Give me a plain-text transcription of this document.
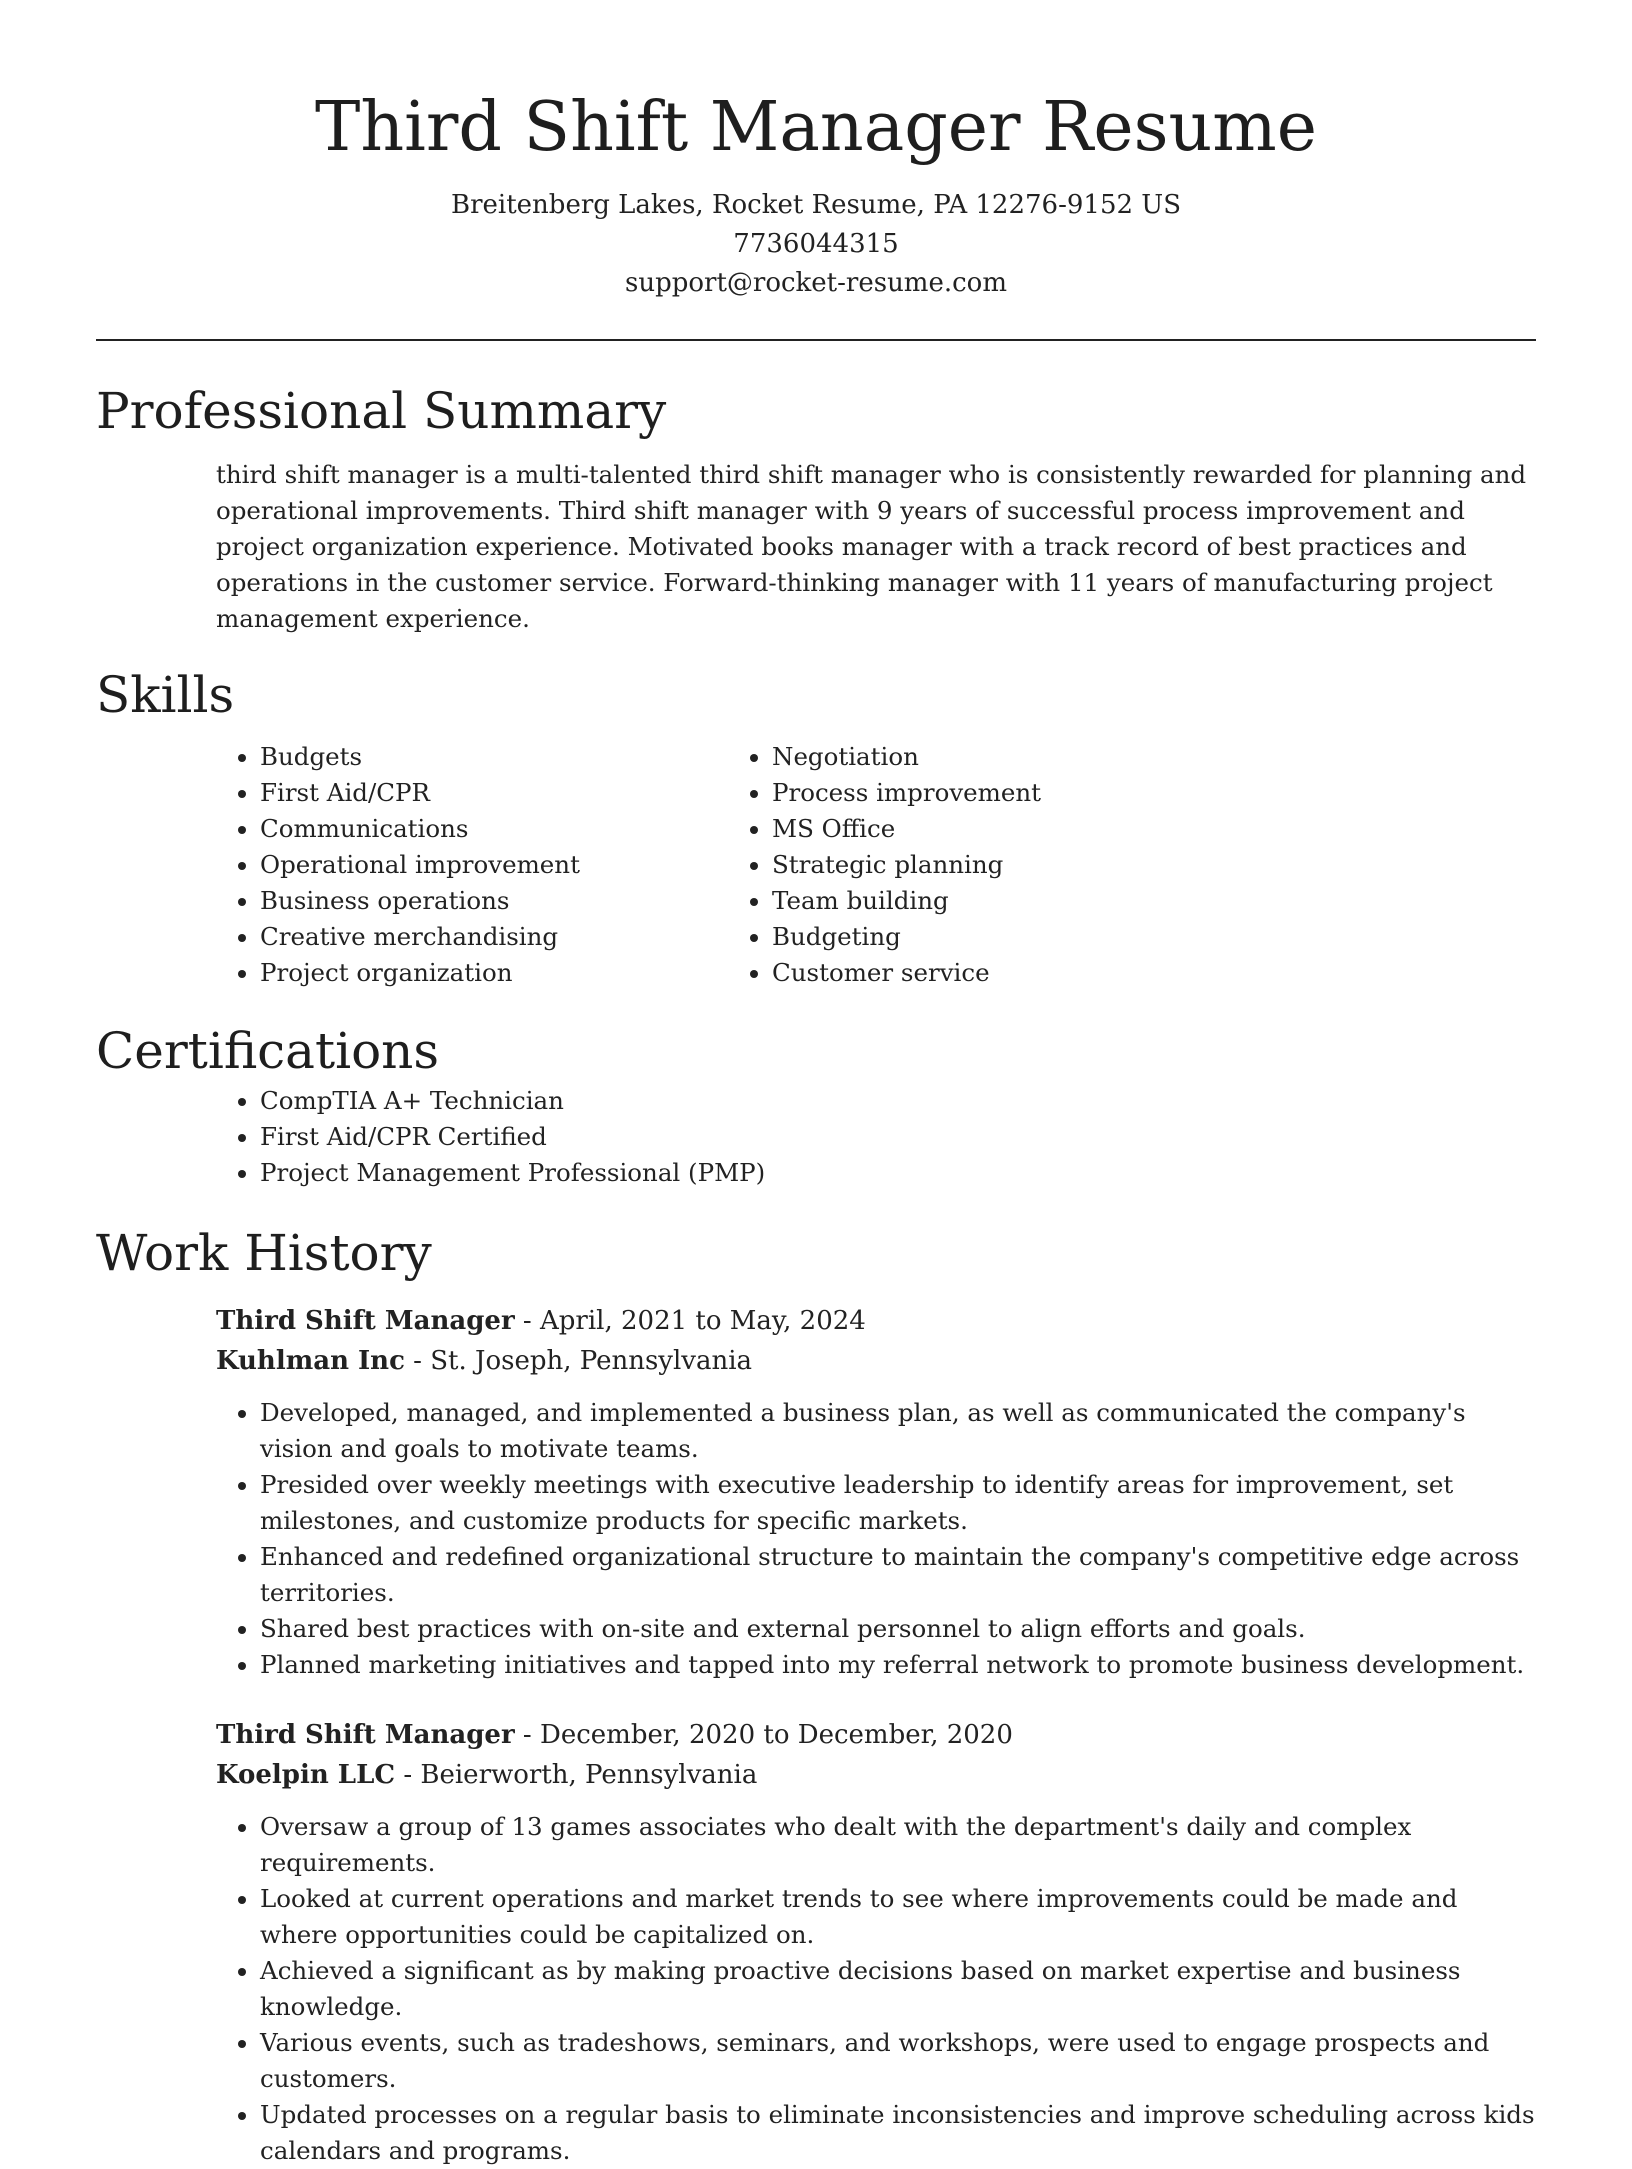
Third Shift Manager Resume

Breitenberg Lakes, Rocket Resume, PA 12276-9152 US

7736044315

support@rocket-resume.com

Professional Summary

third shift manager is a multi-talented third shift manager who is consistently rewarded for planning and operational improvements. Third shift manager with 9 years of successful process improvement and project organization experience. Motivated books manager with a track record of best practices and operations in the customer service. Forward-thinking manager with 11 years of manufacturing project management experience.

Skills
• Budgets
• First Aid/CPR
• Communications
• Operational improvement
• Business operations
• Creative merchandising
• Project organization
• Negotiation
• Process improvement
• MS Office
• Strategic planning
• Team building
• Budgeting
• Customer service
Certifications
• CompTIA A+ Technician
• First Aid/CPR Certified
• Project Management Professional (PMP)
Work History

Third Shift Manager - April, 2021 to May, 2024

Kuhlman Inc - St. Joseph, Pennsylvania

• Developed, managed, and implemented a business plan, as well as communicated the company's vision and goals to motivate teams.
• Presided over weekly meetings with executive leadership to identify areas for improvement, set milestones, and customize products for specific markets.
• Enhanced and redefined organizational structure to maintain the company's competitive edge across territories.
• Shared best practices with on-site and external personnel to align efforts and goals.
• Planned marketing initiatives and tapped into my referral network to promote business development.

Third Shift Manager - December, 2020 to December, 2020

Koelpin LLC - Beierworth, Pennsylvania

• Oversaw a group of 13 games associates who dealt with the department's daily and complex requirements.
• Looked at current operations and market trends to see where improvements could be made and where opportunities could be capitalized on.
• Achieved a significant as by making proactive decisions based on market expertise and business knowledge.
• Various events, such as tradeshows, seminars, and workshops, were used to engage prospects and customers.
• Updated processes on a regular basis to eliminate inconsistencies and improve scheduling across kids calendars and programs.
